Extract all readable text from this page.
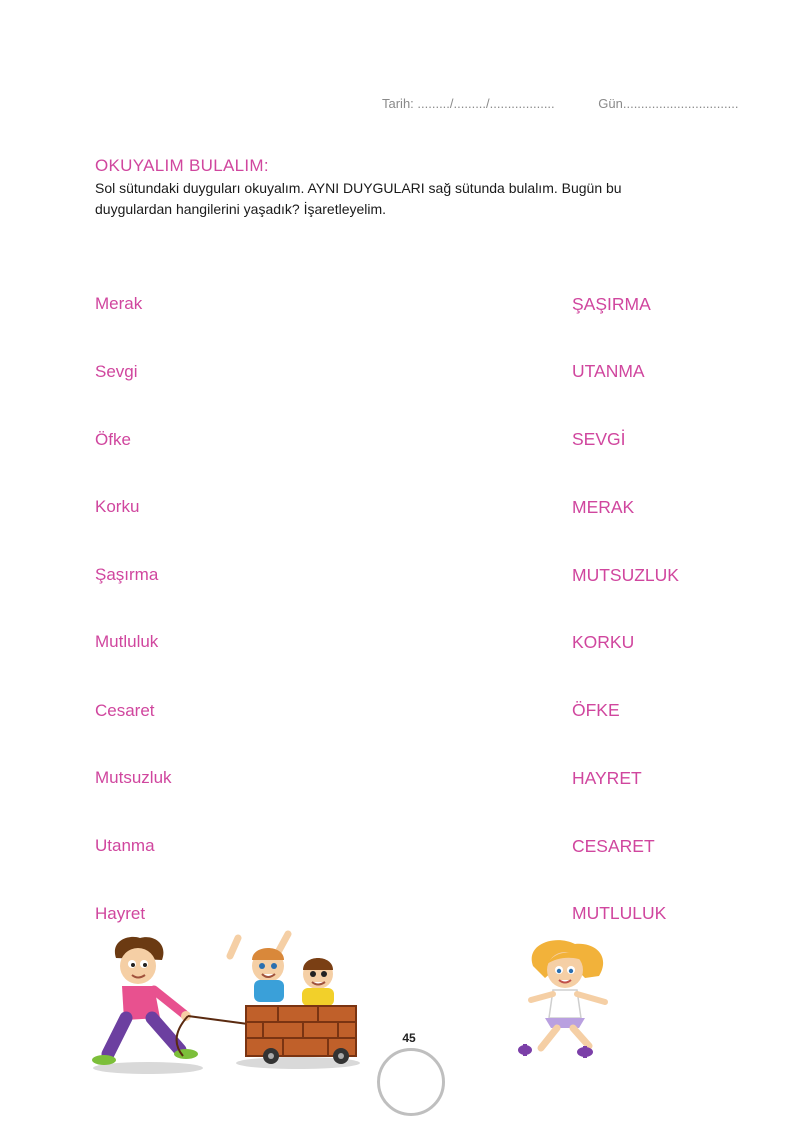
Tarih: ........./........./..................	Gün................................
OKUYALIM BULALIM:
Sol sütundaki duyguları okuyalım. AYNI DUYGULARI sağ sütunda bulalım. Bugün bu duygulardan hangilerini yaşadık? İşaretleyelim.
Merak
Sevgi
Öfke
Korku
Şaşırma
Mutluluk
Cesaret
Mutsuzluk
Utanma
Hayret
ŞAŞIRMA
UTANMA
SEVGİ
MERAK
MUTSUZLUK
KORKU
ÖFKE
HAYRET
CESARET
MUTLULUK
45
